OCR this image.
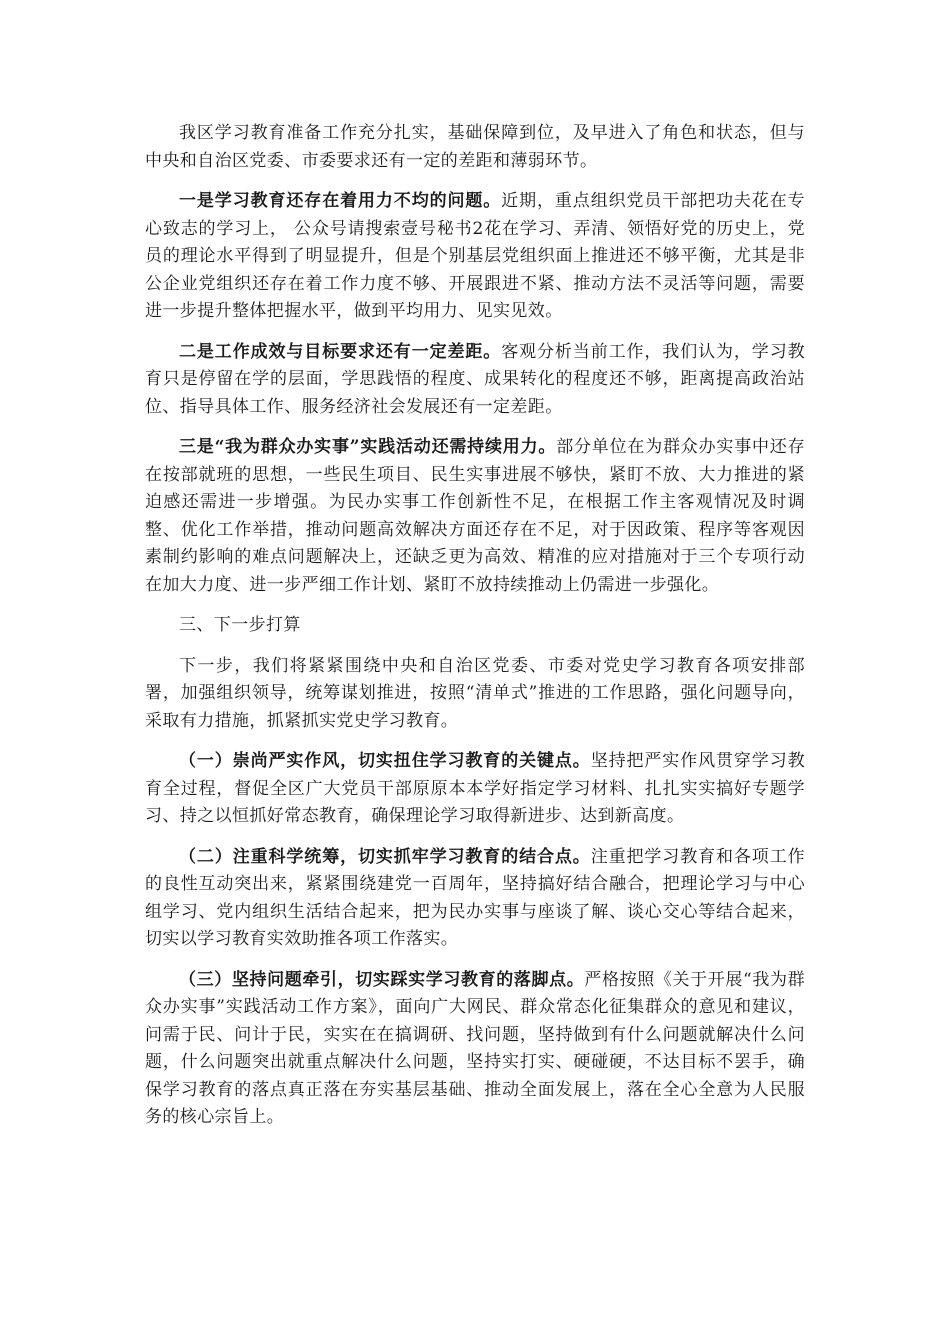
我区学习教育准备工作充分扎实，基础保障到位，及早进入了角色和状态，但与中央和自治区党委、市委要求还有一定的差距和薄弱环节。

一是学习教育还存在着用力不均的问题。近期，重点组织党员干部把功夫花在专心致志的学习上， 公众号请搜索壹号秘书2花在学习、弄清、领悟好党的历史上，党员的理论水平得到了明显提升，但是个别基层党组织面上推进还不够平衡，尤其是非公企业党组织还存在着工作力度不够、开展跟进不紧、推动方法不灵活等问题，需要进一步提升整体把握水平，做到平均用力、见实见效。

二是工作成效与目标要求还有一定差距。客观分析当前工作，我们认为，学习教育只是停留在学的层面，学思践悟的程度、成果转化的程度还不够，距离提高政治站位、指导具体工作、服务经济社会发展还有一定差距。

三是“我为群众办实事”实践活动还需持续用力。部分单位在为群众办实事中还存在按部就班的思想，一些民生项目、民生实事进展不够快，紧盯不放、大力推进的紧迫感还需进一步增强。为民办实事工作创新性不足，在根据工作主客观情况及时调整、优化工作举措，推动问题高效解决方面还存在不足，对于因政策、程序等客观因素制约影响的难点问题解决上，还缺乏更为高效、精准的应对措施对于三个专项行动在加大力度、进一步严细工作计划、紧盯不放持续推动上仍需进一步强化。

三、下一步打算

下一步，我们将紧紧围绕中央和自治区党委、市委对党史学习教育各项安排部署，加强组织领导，统筹谋划推进，按照“清单式”推进的工作思路，强化问题导向，采取有力措施，抓紧抓实党史学习教育。

（一）崇尚严实作风，切实扭住学习教育的关键点。坚持把严实作风贯穿学习教育全过程，督促全区广大党员干部原原本本学好指定学习材料、扎扎实实搞好专题学习、持之以恒抓好常态教育，确保理论学习取得新进步、达到新高度。

（二）注重科学统筹，切实抓牢学习教育的结合点。注重把学习教育和各项工作的良性互动突出来，紧紧围绕建党一百周年，坚持搞好结合融合，把理论学习与中心组学习、党内组织生活结合起来，把为民办实事与座谈了解、谈心交心等结合起来，切实以学习教育实效助推各项工作落实。

（三）坚持问题牵引，切实踩实学习教育的落脚点。严格按照《关于开展“我为群众办实事”实践活动工作方案》，面向广大网民、群众常态化征集群众的意见和建议，问需于民、问计于民，实实在在搞调研、找问题，坚持做到有什么问题就解决什么问题，什么问题突出就重点解决什么问题，坚持实打实、硬碰硬，不达目标不罢手，确保学习教育的落点真正落在夯实基层基础、推动全面发展上，落在全心全意为人民服务的核心宗旨上。
